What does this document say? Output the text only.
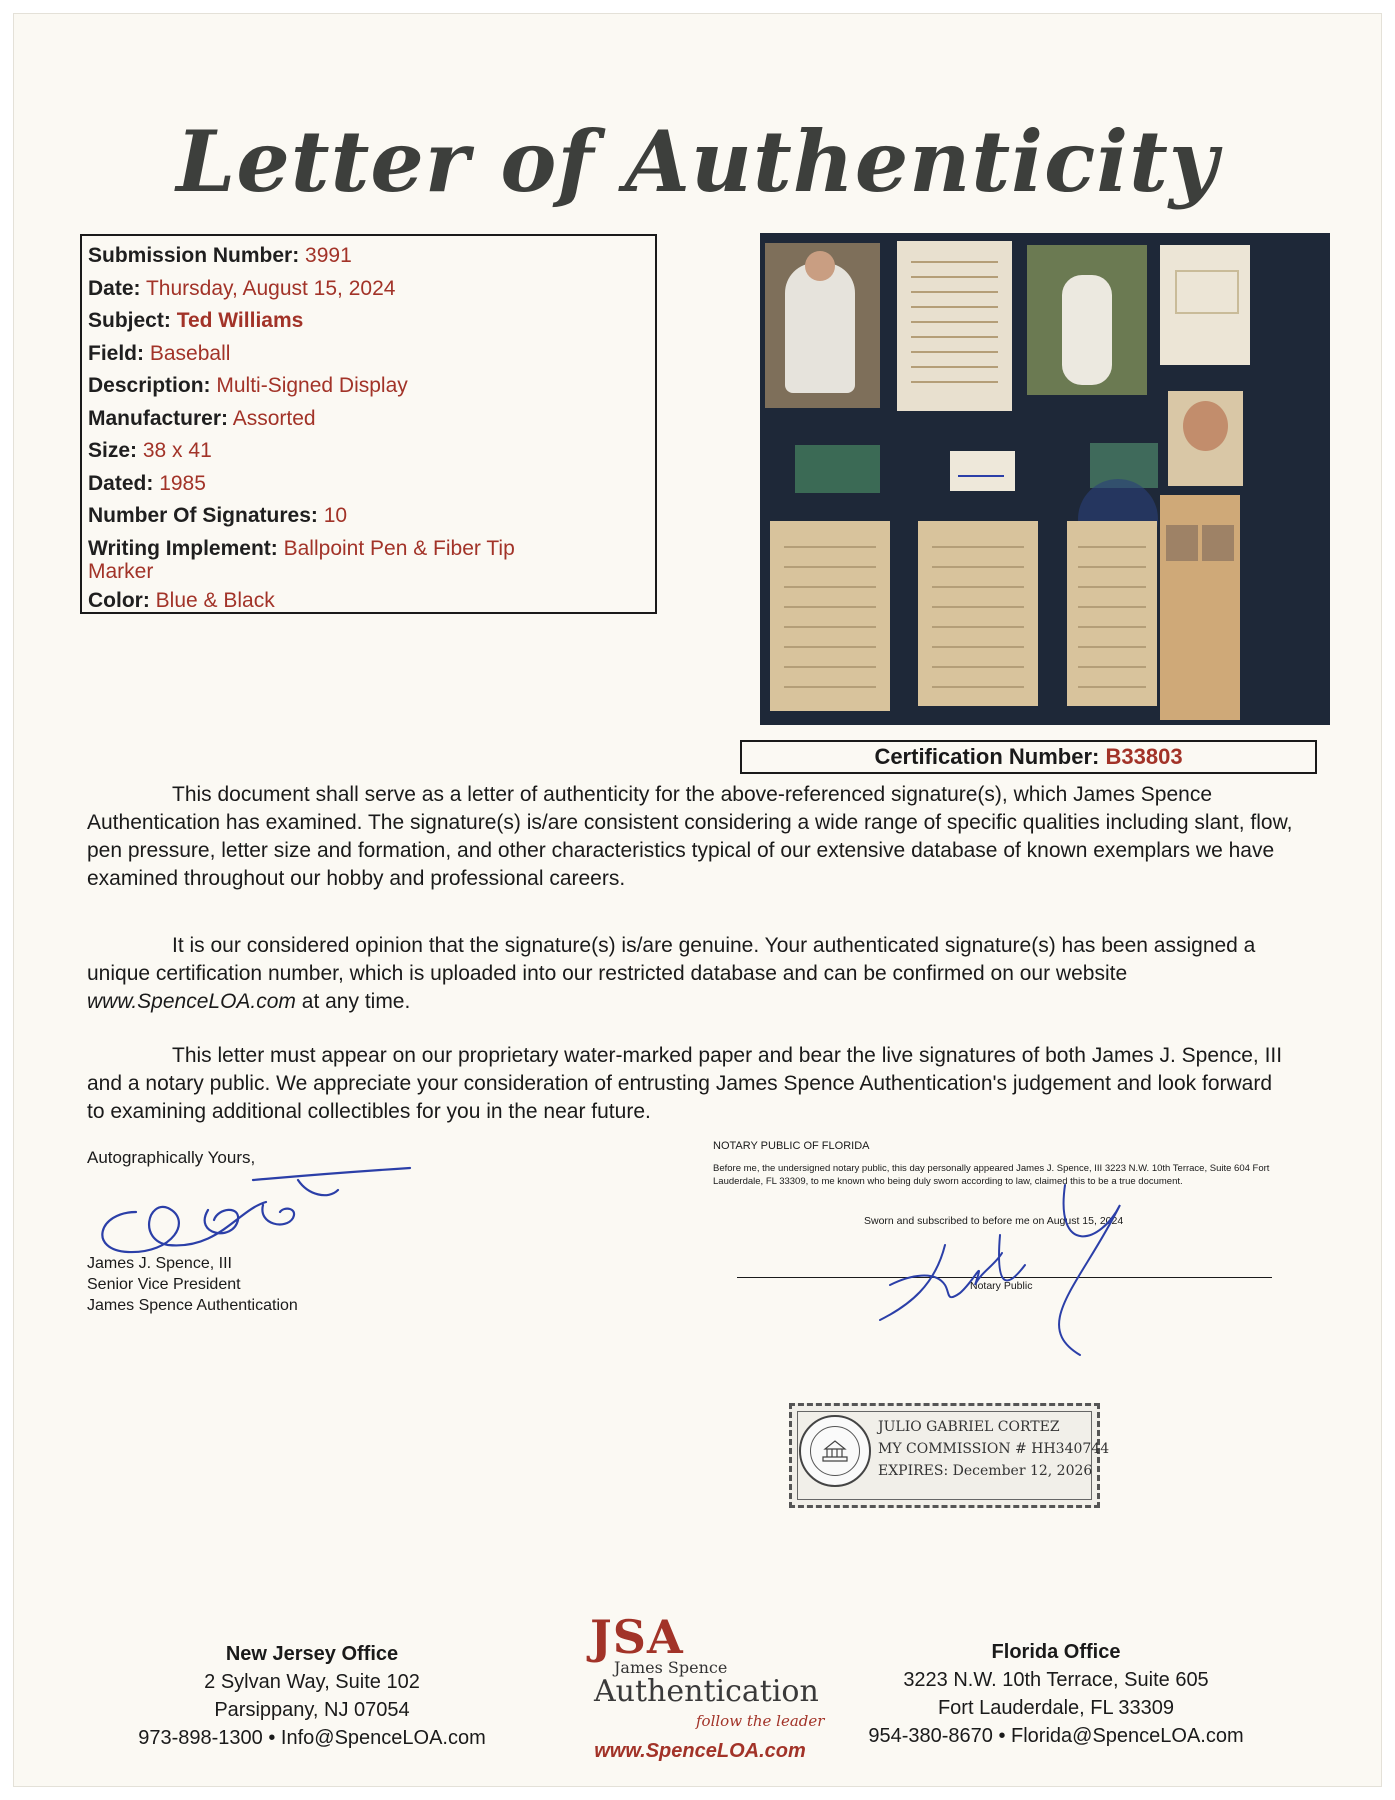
Letter of Authenticity
Submission Number: 3991
Date: Thursday, August 15, 2024
Subject: Ted Williams
Field: Baseball
Description: Multi-Signed Display
Manufacturer: Assorted
Size: 38 x 41
Dated: 1985
Number Of Signatures: 10
Writing Implement: Ballpoint Pen & Fiber Tip
Marker
Color: Blue & Black
Certification Number: B33803

This document shall serve as a letter of authenticity for the above-referenced signature(s), which James Spence Authentication has examined. The signature(s) is/are consistent considering a wide range of specific qualities including slant, flow, pen pressure, letter size and formation, and other characteristics typical of our extensive database of known exemplars we have examined throughout our hobby and professional careers.

It is our considered opinion that the signature(s) is/are genuine. Your authenticated signature(s) has been assigned a unique certification number, which is uploaded into our restricted database and can be confirmed on our website www.SpenceLOA.com at any time.

This letter must appear on our proprietary water-marked paper and bear the live signatures of both James J. Spence, III and a notary public. We appreciate your consideration of entrusting James Spence Authentication's judgement and look forward to examining additional collectibles for you in the near future.

Autographically Yours,
James J. Spence, III
Senior Vice President
James Spence Authentication
NOTARY PUBLIC OF FLORIDA
Before me, the undersigned notary public, this day personally appeared James J. Spence, III 3223 N.W. 10th Terrace, Suite 604 Fort Lauderdale, FL 33309, to me known who being duly sworn according to law, claimed this to be a true document.
Sworn and subscribed to before me on August 15, 2024
Notary Public
JULIO GABRIEL CORTEZ
MY COMMISSION # HH340744
EXPIRES: December 12, 2026
New Jersey Office
2 Sylvan Way, Suite 102
Parsippany, NJ 07054
973-898-1300 • Info@SpenceLOA.com
JSA
James Spence
Authentication
follow the leader
www.SpenceLOA.com
Florida Office
3223 N.W. 10th Terrace, Suite 605
Fort Lauderdale, FL 33309
954-380-8670 • Florida@SpenceLOA.com
